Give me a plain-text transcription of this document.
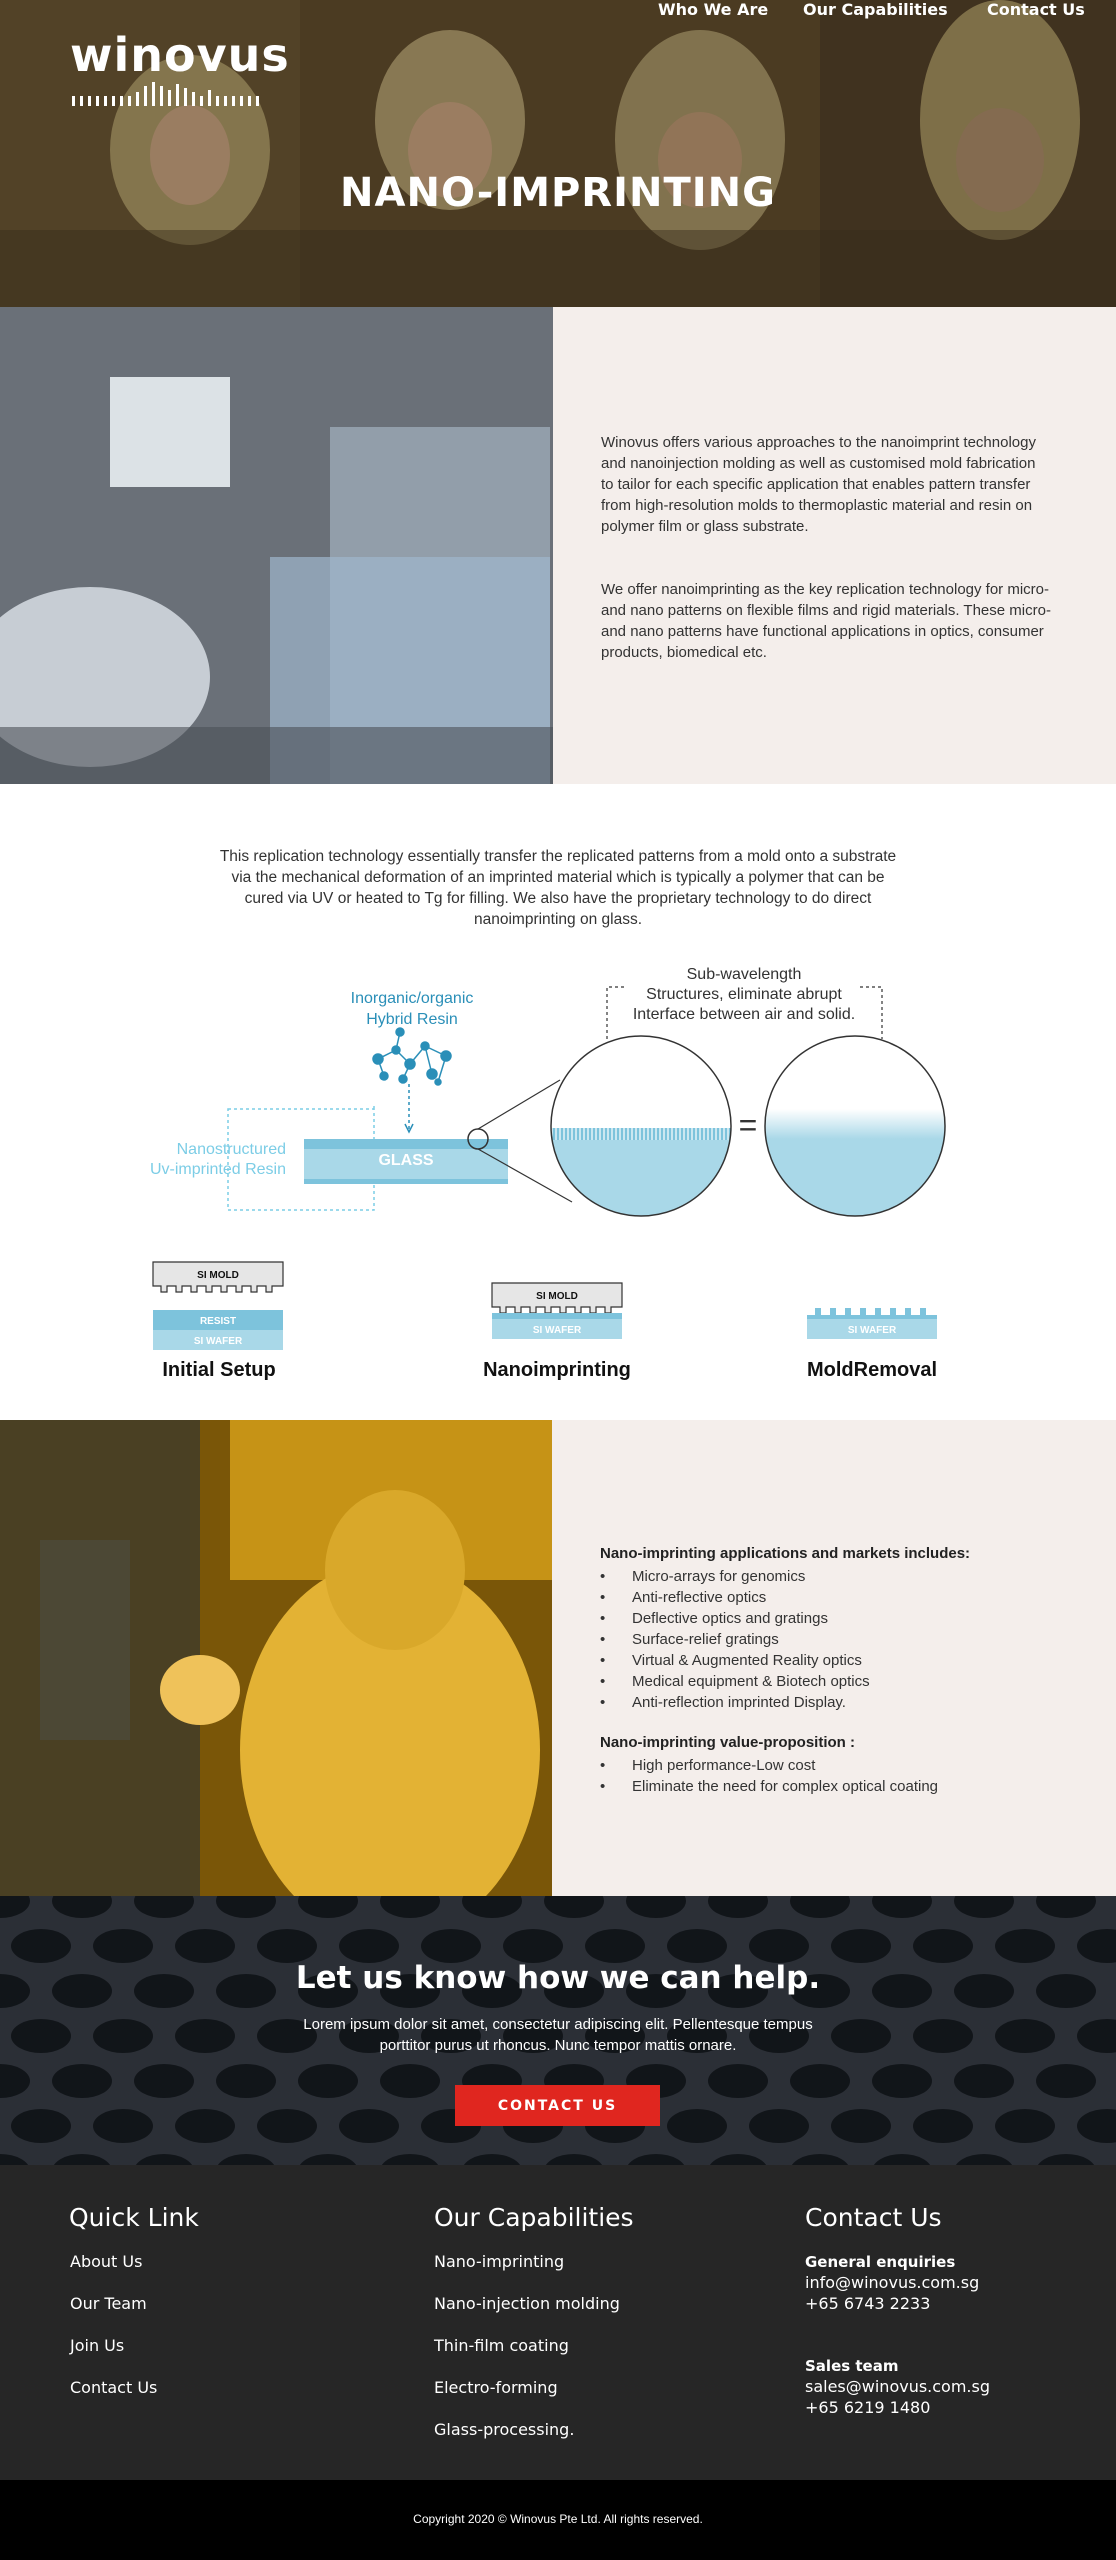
winovus
Who We Are Our Capabilities Contact Us
NANO-IMPRINTING

Winovus offers various approaches to the nanoimprint technology and nanoinjection molding as well as customised mold fabrication to tailor for each specific application that enables pattern transfer from high-resolution molds to thermoplastic material and resin on polymer film or glass substrate.

We offer nanoimprinting as the key replication technology for micro- and nano patterns on flexible films and rigid materials. These micro- and nano patterns have functional applications in optics, consumer products, biomedical etc.

This replication technology essentially transfer the replicated patterns from a mold onto a substrate via the mechanical deformation of an imprinted material which is typically a polymer that can be cured via UV or heated to Tg for filling. We also have the proprietary technology to do direct nanoimprinting on glass.

=
Inorganic/organic
Hybrid Resin
Nanostructured
Uv-imprinted Resin
GLASS
Sub-wavelength
Structures, eliminate abrupt
Interface between air and solid.
SI MOLD
RESIST
SI WAFER
Initial Setup
SI MOLD
SI WAFER
Nanoimprinting
SI WAFER
MoldRemoval
Nano-imprinting applications and markets includes:
• Micro-arrays for genomics
• Anti-reflective optics
• Deflective optics and gratings
• Surface-relief gratings
• Virtual & Augmented Reality optics
• Medical equipment & Biotech optics
• Anti-reflection imprinted Display.
Nano-imprinting value-proposition :
• High performance-Low cost
• Eliminate the need for complex optical coating
Let us know how we can help.

Lorem ipsum dolor sit amet, consectetur adipiscing elit. Pellentesque tempus porttitor purus ut rhoncus. Nunc tempor mattis ornare.

CONTACT US
Quick Link
About Us
Our Team
Join Us
Contact Us
Our Capabilities
Nano-imprinting
Nano-injection molding
Thin-film coating
Electro-forming
Glass-processing.
Contact Us
General enquiries
info@winovus.com.sg
+65 6743 2233
Sales team
sales@winovus.com.sg
+65 6219 1480
Copyright 2020 © Winovus Pte Ltd. All rights reserved.
